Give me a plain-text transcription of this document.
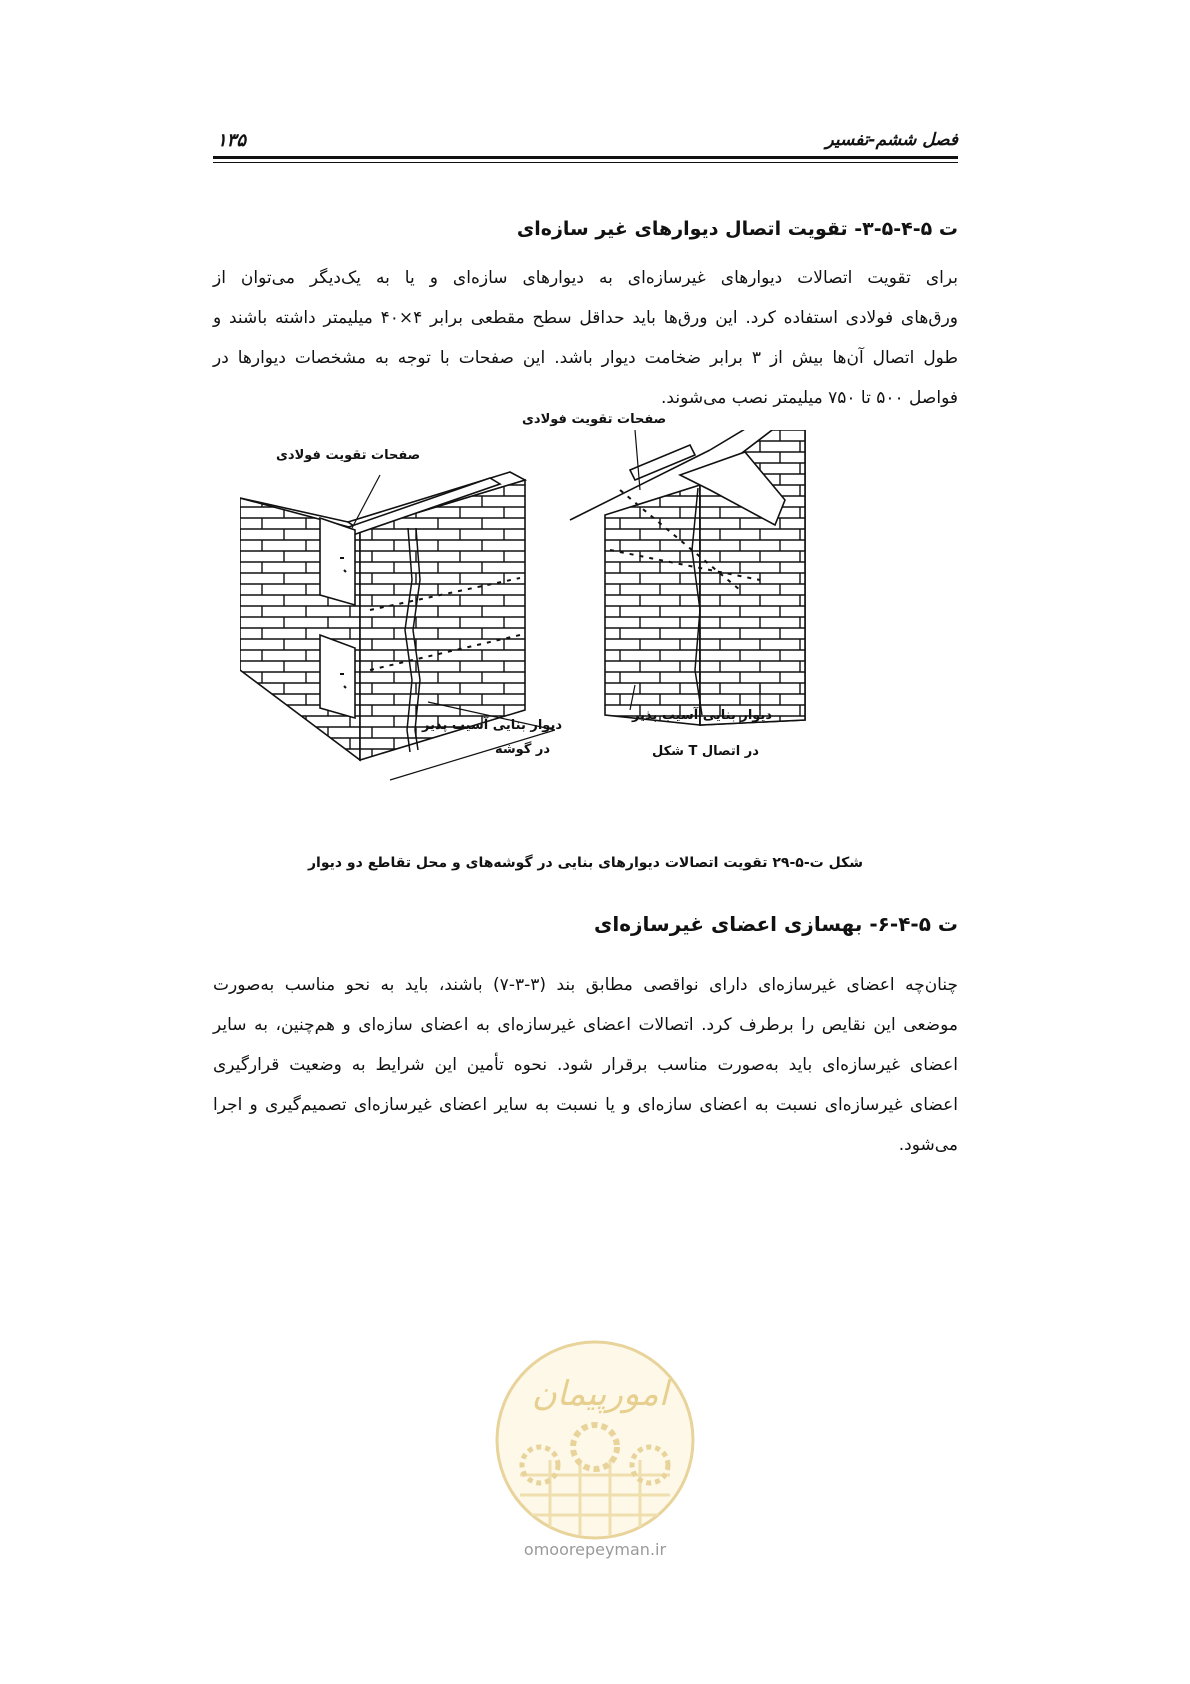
فصل ششم-تفسیر
۱۳۵
ت ۵-۴-۵-۳- تقویت اتصال دیوارهای غیر سازه‌ای
برای تقویت اتصالات دیوارهای غیرسازه‌ای به دیوارهای سازه‌ای و یا به یک‌دیگر می‌توان از
ورق‌های فولادی استفاده کرد. این ورق‌ها باید حداقل سطح مقطعی برابر ۴×۴۰ میلیمتر داشته باشند و
طول اتصال آن‌ها بیش از ۳ برابر ضخامت دیوار باشد. این صفحات با توجه به مشخصات دیوارها در
فواصل ۵۰۰ تا ۷۵۰ میلیمتر نصب می‌شوند.
صفحات تقویت فولادی
صفحات تقویت فولادی
دیوار بنایی آسیب پذیر
در گوشه
دیوار بنایی آسیب پذیر
در اتصال T شکل
شکل ت-۵-۲۹ تقویت اتصالات دیوارهای بنایی در گوشه‌های و محل تقاطع دو دیوار
ت ۵-۴-۶- بهسازی اعضای غیرسازه‌ای
چنان‌چه اعضای غیرسازه‌ای دارای نواقصی مطابق بند (۳-۳-۷) باشند، باید به نحو مناسب به‌صورت
موضعی این نقایص را برطرف کرد. اتصالات اعضای غیرسازه‌ای به اعضای سازه‌ای و هم‌چنین، به سایر
اعضای غیرسازه‌ای باید به‌صورت مناسب برقرار شود. نحوه تأمین این شرایط به وضعیت قرارگیری
اعضای غیرسازه‌ای نسبت به اعضای سازه‌ای و یا نسبت به سایر اعضای غیرسازه‌ای تصمیم‌گیری و اجرا
می‌شود.
امورپیمان
omoorepeyman.ir
